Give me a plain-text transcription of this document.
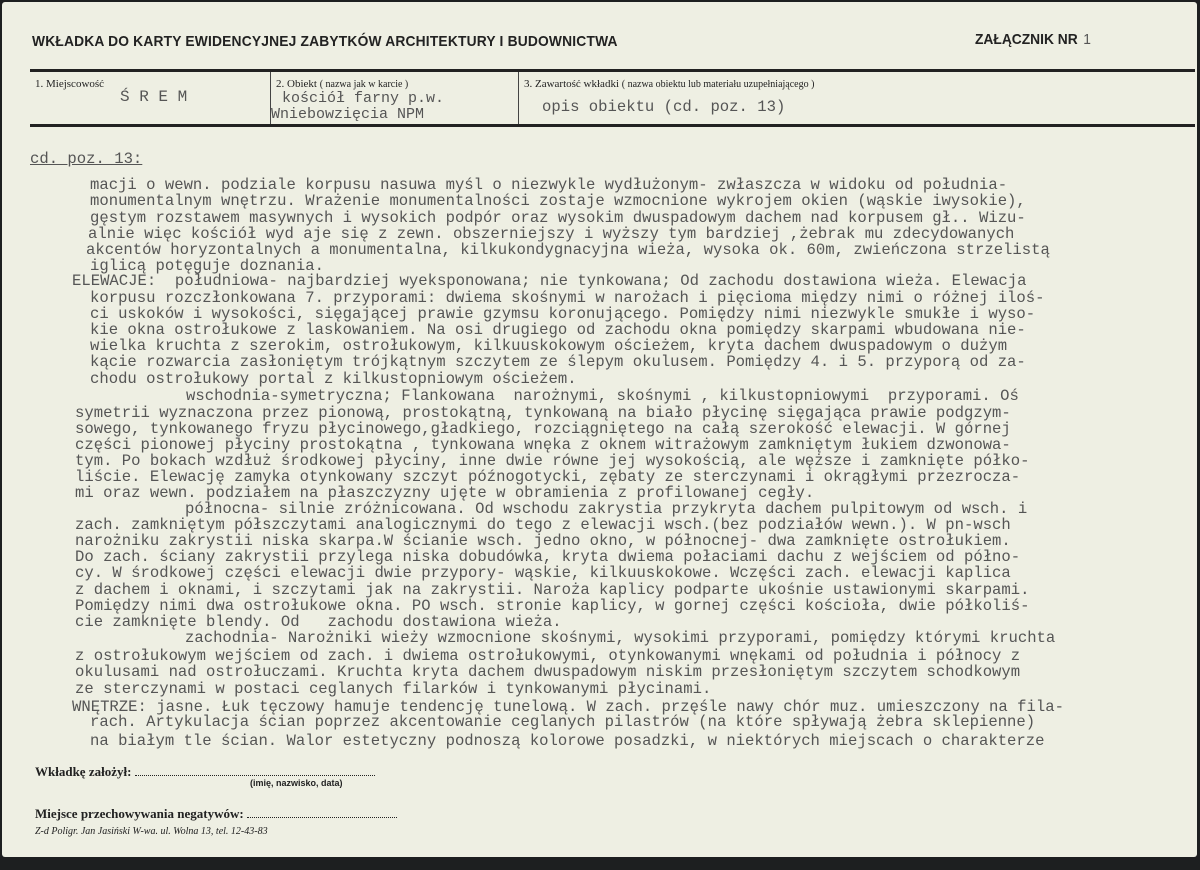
WKŁADKA DO KARTY EWIDENCYJNEJ ZABYTKÓW ARCHITEKTURY I BUDOWNICTWA	ZAŁĄCZNIK NR 1
1. Miejscowość
Ś R E M
2. Obiekt ( nazwa jak w karcie )
kościół farny p.w.
Wniebowzięcia NPM
3. Zawartość wkładki ( nazwa obiektu lub materiału uzupełniającego )
opis obiektu (cd. poz. 13)
cd. poz. 13:
macji o wewn. podziale korpusu nasuwa myśl o niezwykle wydłużonym- zwłaszcza w widoku od południa-
monumentalnym wnętrzu. Wrażenie monumentalności zostaje wzmocnione wykrojem okien (wąskie iwysokie),
gęstym rozstawem masywnych i wysokich podpór oraz wysokim dwuspadowym dachem nad korpusem gł.. Wizu-
alnie więc kościół wyd aje się z zewn. obszerniejszy i wyższy tym bardziej ,żebrak mu zdecydowanych
akcentów horyzontalnych a monumentalna, kilkukondygnacyjna wieża, wysoka ok. 60m, zwieńczona strzelistą
iglicą potęguje doznania.
ELEWACJE:  południowa- najbardziej wyeksponowana; nie tynkowana; Od zachodu dostawiona wieża. Elewacja
korpusu rozczłonkowana 7. przyporami: dwiema skośnymi w narożach i pięcioma między nimi o różnej iloś-
ci uskoków i wysokości, sięgającej prawie gzymsu koronującego. Pomiędzy nimi niezwykle smukłe i wyso-
kie okna ostrołukowe z laskowaniem. Na osi drugiego od zachodu okna pomiędzy skarpami wbudowana nie-
wielka kruchta z szerokim, ostrołukowym, kilkuuskokowym ościeżem, kryta dachem dwuspadowym o dużym
kącie rozwarcia zasłoniętym trójkątnym szczytem ze ślepym okulusem. Pomiędzy 4. i 5. przyporą od za-
chodu ostrołukowy portal z kilkustopniowym ościeżem.
wschodnia-symetryczna; Flankowana  narożnymi, skośnymi , kilkustopniowymi  przyporami. Oś
symetrii wyznaczona przez pionową, prostokątną, tynkowaną na biało płycinę sięgająca prawie podgzym-
sowego, tynkowanego fryzu płycinowego,gładkiego, rozciągniętego na całą szerokość elewacji. W górnej
części pionowej płyciny prostokątna , tynkowana wnęka z oknem witrażowym zamkniętym łukiem dzwonowa-
tym. Po bokach wzdłuż środkowej płyciny, inne dwie równe jej wysokością, ale węższe i zamknięte półko-
liście. Elewację zamyka otynkowany szczyt późnogotycki, zębaty ze sterczynami i okrągłymi przezrocza-
mi oraz wewn. podziałem na płaszczyzny ujęte w obramienia z profilowanej cegły.
północna- silnie zróżnicowana. Od wschodu zakrystia przykryta dachem pulpitowym od wsch. i
zach. zamkniętym półszczytami analogicznymi do tego z elewacji wsch.(bez podziałów wewn.). W pn-wsch
narożniku zakrystii niska skarpa.W ścianie wsch. jedno okno, w północnej- dwa zamknięte ostrołukiem.
Do zach. ściany zakrystii przylega niska dobudówka, kryta dwiema połaciami dachu z wejściem od półno-
cy. W środkowej części elewacji dwie przypory- wąskie, kilkuuskokowe. Wczęści zach. elewacji kaplica
z dachem i oknami, i szczytami jak na zakrystii. Naroża kaplicy podparte ukośnie ustawionymi skarpami.
Pomiędzy nimi dwa ostrołukowe okna. PO wsch. stronie kaplicy, w gornej części kościoła, dwie półkoliś-
cie zamknięte blendy. Od   zachodu dostawiona wieża.
zachodnia- Narożniki wieży wzmocnione skośnymi, wysokimi przyporami, pomiędzy którymi kruchta
z ostrołukowym wejściem od zach. i dwiema ostrołukowymi, otynkowanymi wnękami od południa i północy z
okulusami nad ostrołuczami. Kruchta kryta dachem dwuspadowym niskim przesłoniętym szczytem schodkowym
ze sterczynami w postaci ceglanych filarków i tynkowanymi płycinami.
WNĘTRZE: jasne. Łuk tęczowy hamuje tendencję tunelową. W zach. przęśle nawy chór muz. umieszczony na fila-
rach. Artykulacja ścian poprzez akcentowanie ceglanych pilastrów (na które spływają żebra sklepienne)
na białym tle ścian. Walor estetyczny podnoszą kolorowe posadzki, w niektórych miejscach o charakterze
Wkładkę założył:
(imię, nazwisko, data)
Miejsce przechowywania negatywów:
Z-d Poligr. Jan Jasiński W-wa. ul. Wolna 13, tel. 12-43-83
